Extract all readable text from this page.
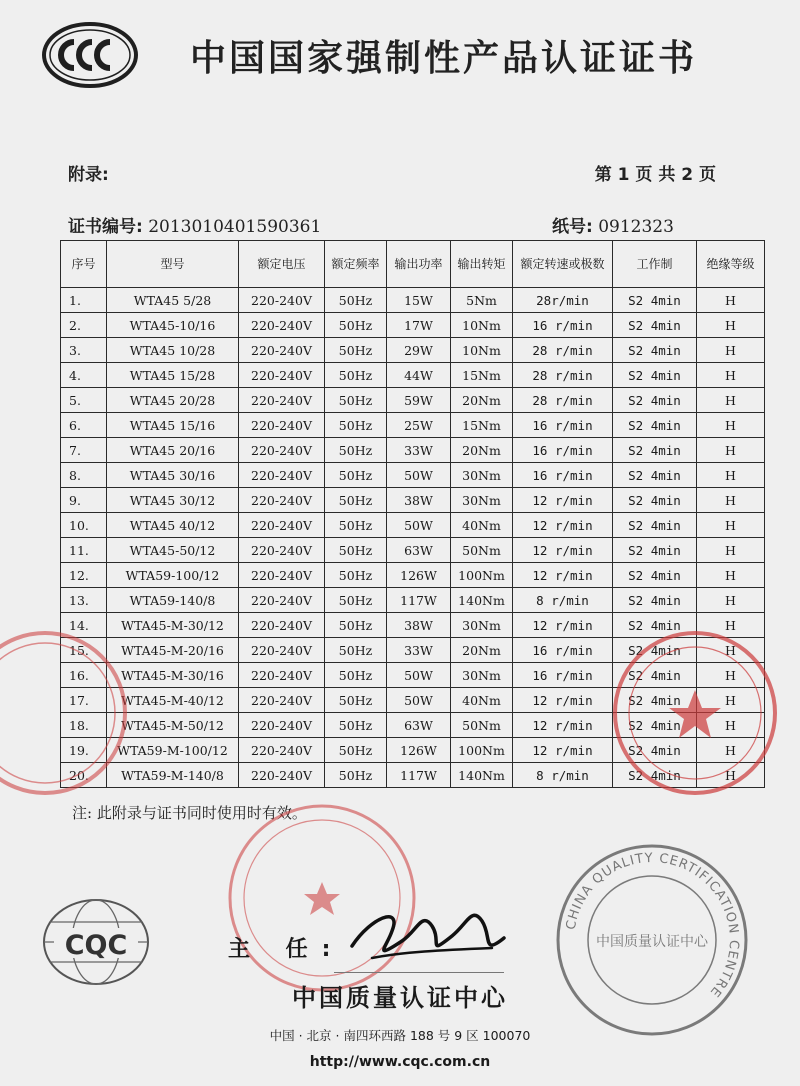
中国国家强制性产品认证证书
附录:	第 1 页 共 2 页
证书编号: 2013010401590361	纸号: 0912323
序号	型号	额定电压	额定频率	输出功率	输出转矩	额定转速或极数	工作制	绝缘等级
1.	WTA45 5/28	220-240V	50Hz	15W	5Nm	28r/min	S2 4min	H
2.	WTA45-10/16	220-240V	50Hz	17W	10Nm	16 r/min	S2 4min	H
3.	WTA45 10/28	220-240V	50Hz	29W	10Nm	28 r/min	S2 4min	H
4.	WTA45 15/28	220-240V	50Hz	44W	15Nm	28 r/min	S2 4min	H
5.	WTA45 20/28	220-240V	50Hz	59W	20Nm	28 r/min	S2 4min	H
6.	WTA45 15/16	220-240V	50Hz	25W	15Nm	16 r/min	S2 4min	H
7.	WTA45 20/16	220-240V	50Hz	33W	20Nm	16 r/min	S2 4min	H
8.	WTA45 30/16	220-240V	50Hz	50W	30Nm	16 r/min	S2 4min	H
9.	WTA45 30/12	220-240V	50Hz	38W	30Nm	12 r/min	S2 4min	H
10.	WTA45 40/12	220-240V	50Hz	50W	40Nm	12 r/min	S2 4min	H
11.	WTA45-50/12	220-240V	50Hz	63W	50Nm	12 r/min	S2 4min	H
12.	WTA59-100/12	220-240V	50Hz	126W	100Nm	12 r/min	S2 4min	H
13.	WTA59-140/8	220-240V	50Hz	117W	140Nm	8 r/min	S2 4min	H
14.	WTA45-M-30/12	220-240V	50Hz	38W	30Nm	12 r/min	S2 4min	H
15.	WTA45-M-20/16	220-240V	50Hz	33W	20Nm	16 r/min	S2 4min	H
16.	WTA45-M-30/16	220-240V	50Hz	50W	30Nm	16 r/min	S2 4min	H
17.	WTA45-M-40/12	220-240V	50Hz	50W	40Nm	12 r/min	S2 4min	H
18.	WTA45-M-50/12	220-240V	50Hz	63W	50Nm	12 r/min	S2 4min	H
19.	WTA59-M-100/12	220-240V	50Hz	126W	100Nm	12 r/min	S2 4min	H
20.	WTA59-M-140/8	220-240V	50Hz	117W	140Nm	8 r/min	S2 4min	H
注: 此附录与证书同时使用时有效。
CHINA QUALITY CERTIFICATION CENTRE
中国质量认证中心
CQC	主 任:
中国质量认证中心
中国 · 北京 · 南四环西路 188 号 9 区 100070
http://www.cqc.com.cn
